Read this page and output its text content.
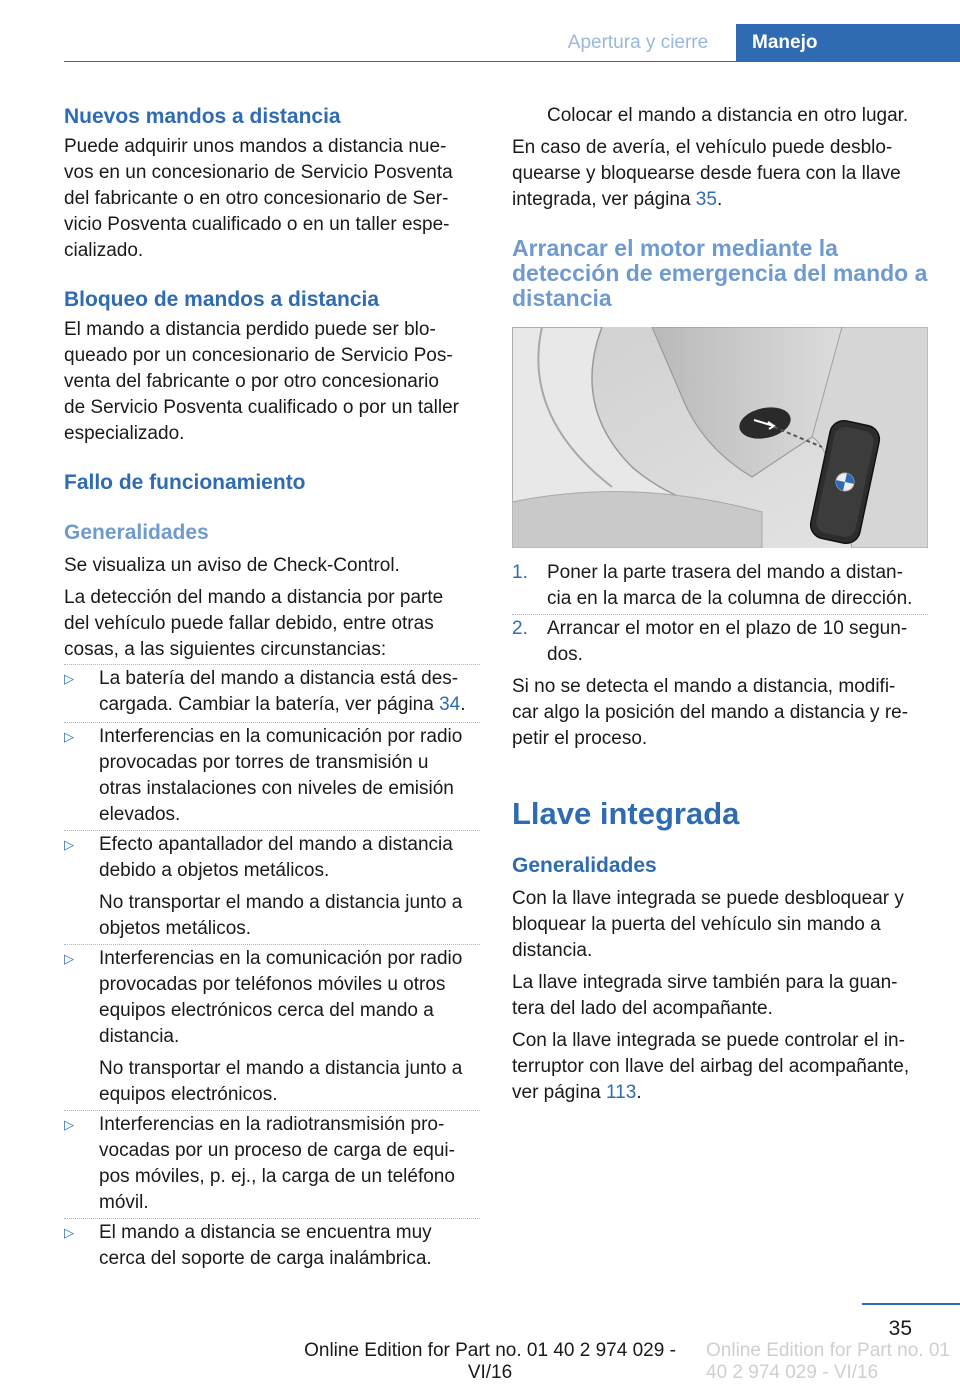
Apertura y cierre	Manejo
Nuevos mandos a distancia
Puede adquirir unos mandos a distancia nue-
vos en un concesionario de Servicio Posventa
del fabricante o en otro concesionario de Ser-
vicio Posventa cualificado o en un taller espe-
cializado.
Bloqueo de mandos a distancia
El mando a distancia perdido puede ser blo-
queado por un concesionario de Servicio Pos-
venta del fabricante o por otro concesionario
de Servicio Posventa cualificado o por un taller
especializado.
Fallo de funcionamiento
Generalidades
Se visualiza un aviso de Check-Control.
La detección del mando a distancia por parte
del vehículo puede fallar debido, entre otras
cosas, a las siguientes circunstancias:
▷ La batería del mando a distancia está des-
cargada. Cambiar la batería, ver página 34.
▷ Interferencias en la comunicación por radio
provocadas por torres de transmisión u
otras instalaciones con niveles de emisión
elevados.
▷ Efecto apantallador del mando a distancia
debido a objetos metálicos.
No transportar el mando a distancia junto a
objetos metálicos.
▷ Interferencias en la comunicación por radio
provocadas por teléfonos móviles u otros
equipos electrónicos cerca del mando a
distancia.
No transportar el mando a distancia junto a
equipos electrónicos.
▷ Interferencias en la radiotransmisión pro-
vocadas por un proceso de carga de equi-
pos móviles, p. ej., la carga de un teléfono
móvil.
▷ El mando a distancia se encuentra muy
cerca del soporte de carga inalámbrica.
Colocar el mando a distancia en otro lugar.
En caso de avería, el vehículo puede desblo-
quearse y bloquearse desde fuera con la llave
integrada, ver página 35.
Arrancar el motor mediante la
detección de emergencia del mando a
distancia
1. Poner la parte trasera del mando a distan-
cia en la marca de la columna de dirección.
2. Arrancar el motor en el plazo de 10 segun-
dos.
Si no se detecta el mando a distancia, modifi-
car algo la posición del mando a distancia y re-
petir el proceso.
Llave integrada
Generalidades
Con la llave integrada se puede desbloquear y
bloquear la puerta del vehículo sin mando a
distancia.
La llave integrada sirve también para la guan-
tera del lado del acompañante.
Con la llave integrada se puede controlar el in-
terruptor con llave del airbag del acompañante,
ver página 113.
35
Online Edition for Part no. 01 40 2 974 029 - VI/16
Online Edition for Part no. 01 40 2 974 029 - VI/16
